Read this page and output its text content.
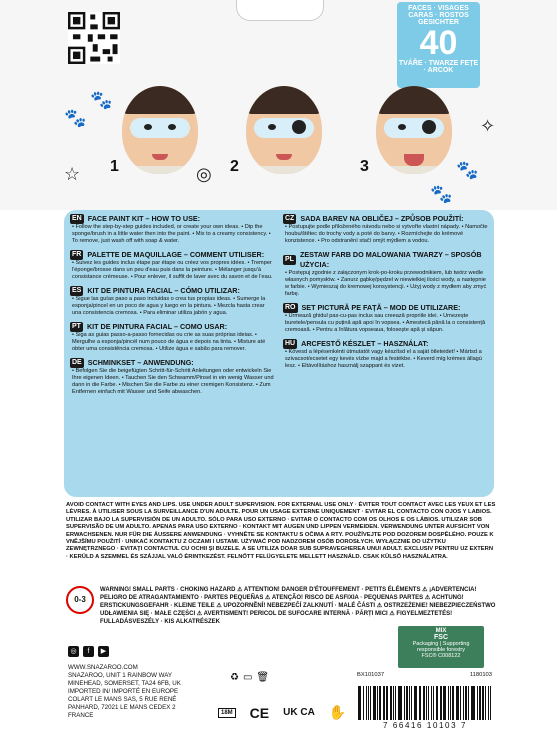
FACES · VISAGES CARAS · ROSTOS GESICHTER
40
TVÁŘE · TWARZE FEȚE · ARCOK
1	2	3
🐾
🐾
☆	◎
✧
🐾
🐾
EN FACE PAINT KIT – HOW TO USE:
• Follow the step-by-step guides included, or create your own ideas. • Dip the sponge/brush in a little water then into the paint. • Mix to a creamy consistency. • To remove, just wash off with soap & water.
FR PALETTE DE MAQUILLAGE – COMMENT UTILISER:
• Suivez les guides inclus étape par étape ou créez vos propres idées. • Tremper l'éponge/brosse dans un peu d'eau puis dans la peinture. • Mélanger jusqu'à consistance crémeuse. • Pour enlever, il suffit de laver avec du savon et de l'eau.
ES KIT DE PINTURA FACIAL – CÓMO UTILIZAR:
• Sigue las guías paso a paso incluidas o crea tus propias ideas. • Sumerge la esponja/pincel en un poco de agua y luego en la pintura. • Mezcla hasta crear una consistencia cremosa. • Para eliminar utiliza jabón y agua.
PT KIT DE PINTURA FACIAL – COMO USAR:
• Siga as guias passo-a-passo fornecidas ou crie as suas próprias ideias. • Mergulhe a esponja/pincél num pouco de água e depois na tinta. • Misture até obter uma consistência cremosa. • Utilize água e sabão para remover.
DE SCHMINKSET – ANWENDUNG:
• Befolgen Sie die beigefügten Schritt-für-Schritt Anleitungen oder entwickeln Sie Ihre eigenen Ideen. • Tauchen Sie den Schwamm/Pinsel in ein wenig Wasser und dann in die Farbe. • Mischen Sie die Farbe zu einer cremigen Konsistenz. • Zum Entfernen einfach mit Wasser und Seife abwaschen.
CZ SADA BAREV NA OBLIČEJ – ZPŮSOB POUŽITÍ:
• Postupujte podle přiloženého návodu nebo si vytvořte vlastní nápady. • Namočte houbu/štětec do trochy vody a poté do barvy. • Rozmíchejte do krémové konzistence. • Pro odstranění stačí omýt mýdlem a vodou.
PL
ZESTAW FARB DO MALOWANIA TWARZY – SPOSÓB UŻYCIA:
• Postępuj zgodnie z załączonym krok-po-kroku przewodnikiem, lub twórz wedle własnych pomysłów. • Zanurz gąbkę/pędzel w niewielkiej ilości wody, a następnie w farbie. • Wymieszaj do kremowej konsystencji. • Użyj wody z mydłem aby zmyć farbę.
RO SET PICTURĂ PE FAȚĂ – MOD DE UTILIZARE:
• Urmează ghidul pas-cu-pas inclus sau creează propriile idei. • Umezește buretele/pensula cu puțină apă apoi în vopsea. • Amestecă până la o consistență cremoasă. • Pentru a înlătura vopseaua, folosește apă și săpun.
HU ARCFESTŐ KÉSZLET – HASZNÁLAT:
• Kövesd a lépésenkénti útmutatót vagy készítsd el a saját ötleteidet! • Mártsd a szivacsot/ecsetet egy kevés vízbe majd a festékbe. • Keverd míg krémes állagú lesz. • Eltávolításhoz használj szappant és vizet.
AVOID CONTACT WITH EYES AND LIPS. USE UNDER ADULT SUPERVISION. FOR EXTERNAL USE ONLY · ÉVITER TOUT CONTACT AVEC LES YEUX ET LES LÈVRES. À UTILISER SOUS LA SURVEILLANCE D'UN ADULTE. POUR UN USAGE EXTERNE UNIQUEMENT · EVITAR EL CONTACTO CON OJOS Y LABIOS. UTILIZAR BAJO LA SUPERVISIÓN DE UN ADULTO. SÓLO PARA USO EXTERNO · EVITAR O CONTACTO COM OS OLHOS E OS LÁBIOS. UTILIZAR SOB SUPERVISÃO DE UM ADULTO. APENAS PARA USO EXTERNO · KONTAKT MIT AUGEN UND LIPPEN VERMEIDEN. VERWENDUNG UNTER AUFSICHT VON ERWACHSENEN. NUR FÜR DIE ÄUSSERE ANWENDUNG · VYHNĚTE SE KONTAKTU S OČIMA A RTY. POUŽÍVEJTE POD DOZOREM DOSPĚLÉHO. POUZE K VNĚJŠÍMU POUŽITÍ · UNIKAĆ KONTAKTU Z OCZAMI I USTAMI. UŻYWAĆ POD NADZOREM OSÓB DOROSŁYCH. WYŁĄCZNIE DO UŻYTKU ZEWNĘTRZNEGO · EVITAȚI CONTACTUL CU OCHII ȘI BUZELE. A SE UTILIZA DOAR SUB SUPRAVEGHEREA UNUI ADULT. EXCLUSIV PENTRU UZ EXTERN · KERÜLD A SZEMMEL ÉS SZÁJJAL VALÓ ÉRINTKEZÉST. FELNŐTT FELÜGYELETE MELLETT HASZNÁLD. CSAK KÜLSŐ HASZNÁLATRA.
0-3
WARNING! SMALL PARTS · CHOKING HAZARD ⚠ ATTENTION! DANGER D'ÉTOUFFEMENT · PETITS ÉLÉMENTS ⚠ ¡ADVERTENCIA! PELIGRO DE ATRAGANTAMIENTO · PARTES PEQUEÑAS ⚠ ATENÇÃO! RISCO DE ASFIXIA · PEQUENAS PARTES ⚠ ACHTUNG! ERSTICKUNGSGEFAHR · KLEINE TEILE ⚠ UPOZORNĚNÍ! NEBEZPEČÍ ZALKNUTÍ · MALÉ ČÁSTI ⚠ OSTRZEŻENIE! NIEBEZPIECZEŃSTWO UDŁAWIENIA SIĘ · MAŁE CZĘŚCI ⚠ AVERTISMENT! PERICOL DE SUFOCARE INTERNĂ · PĂRȚI MICI ⚠ FIGYELMEZTETÉS! FULLADÁSVESZÉLY · KIS ALKATRÉSZEK
◎	f	▶
WWW.SNAZAROO.COM
SNAZAROO, UNIT 1 RAINBOW WAY
MINEHEAD, SOMERSET, TA24 6FB, UK
IMPORTED IN/ IMPORTÉ EN EUROPE
COLART LE MANS SAS, 5 RUE RENÉ
PANHARD, 72021 LE MANS CEDEX 2
FRANCE
♻ ▭ 🗑
MIX
FSC
Packaging | Supporting
responsible forestry
FSC® C008122
BX101037	1180103
18M CE UK CA ✋
7 66416 10103 7
